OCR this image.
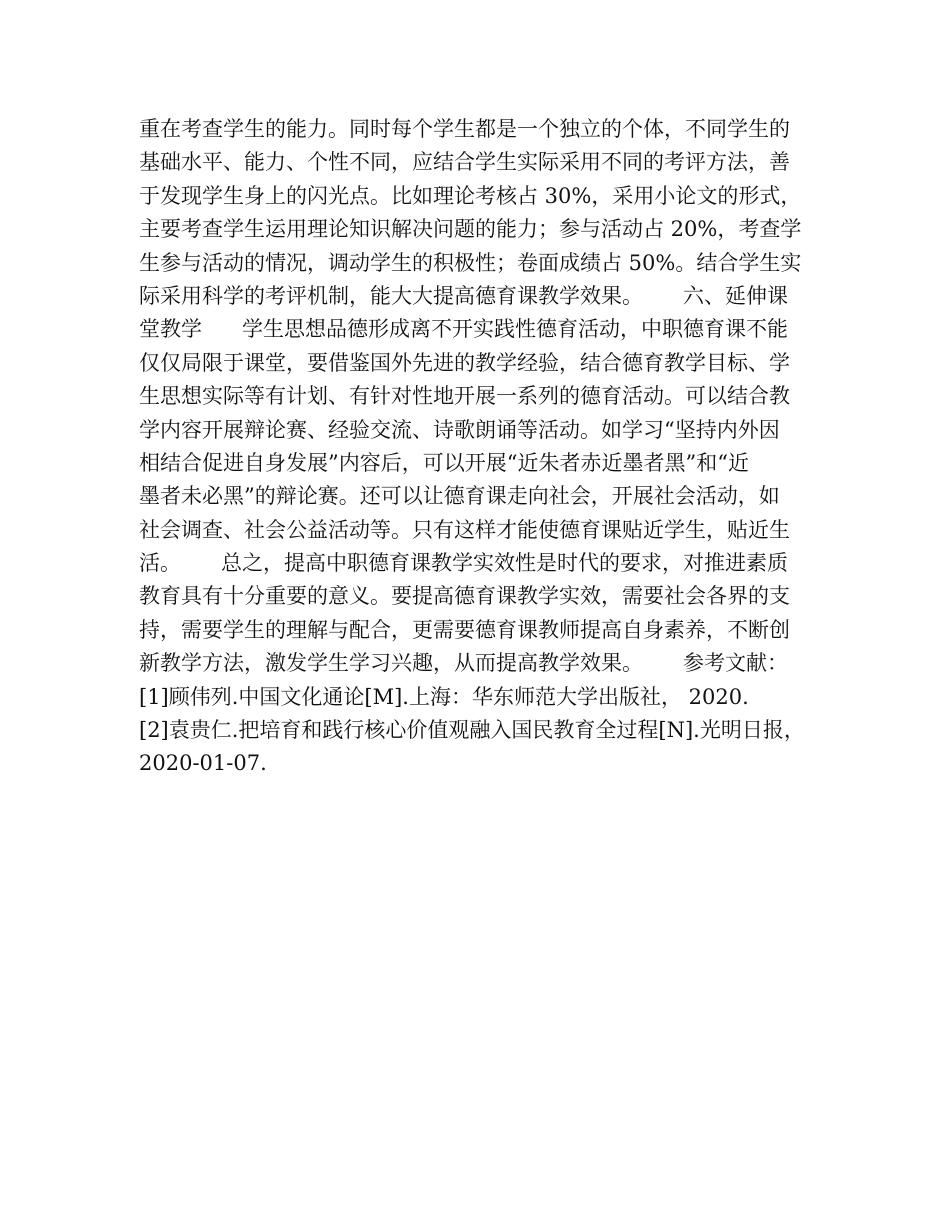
重在考查学生的能力。同时每个学生都是一个独立的个体，不同学生的
基础水平、能力、个性不同，应结合学生实际采用不同的考评方法，善
于发现学生身上的闪光点。比如理论考核占 30%，采用小论文的形式，
主要考查学生运用理论知识解决问题的能力；参与活动占 20%，考查学
生参与活动的情况，调动学生的积极性；卷面成绩占 50%。结合学生实
际采用科学的考评机制，能大大提高德育课教学效果。      六、延伸课
堂教学      学生思想品德形成离不开实践性德育活动，中职德育课不能
仅仅局限于课堂，要借鉴国外先进的教学经验，结合德育教学目标、学
生思想实际等有计划、有针对性地开展一系列的德育活动。可以结合教
学内容开展辩论赛、经验交流、诗歌朗诵等活动。如学习“坚持内外因
相结合促进自身发展”内容后，可以开展“近朱者赤近墨者黑”和“近
墨者未必黑”的辩论赛。还可以让德育课走向社会，开展社会活动，如
社会调查、社会公益活动等。只有这样才能使德育课贴近学生，贴近生
活。      总之，提高中职德育课教学实效性是时代的要求，对推进素质
教育具有十分重要的意义。要提高德育课教学实效，需要社会各界的支
持，需要学生的理解与配合，更需要德育课教师提高自身素养，不断创
新教学方法，激发学生学习兴趣，从而提高教学效果。      参考文献：
[1]顾伟列.中国文化通论[M].上海：华东师范大学出版社， 2020.
[2]袁贵仁.把培育和践行核心价值观融入国民教育全过程[N].光明日报，
2020-01-07.
